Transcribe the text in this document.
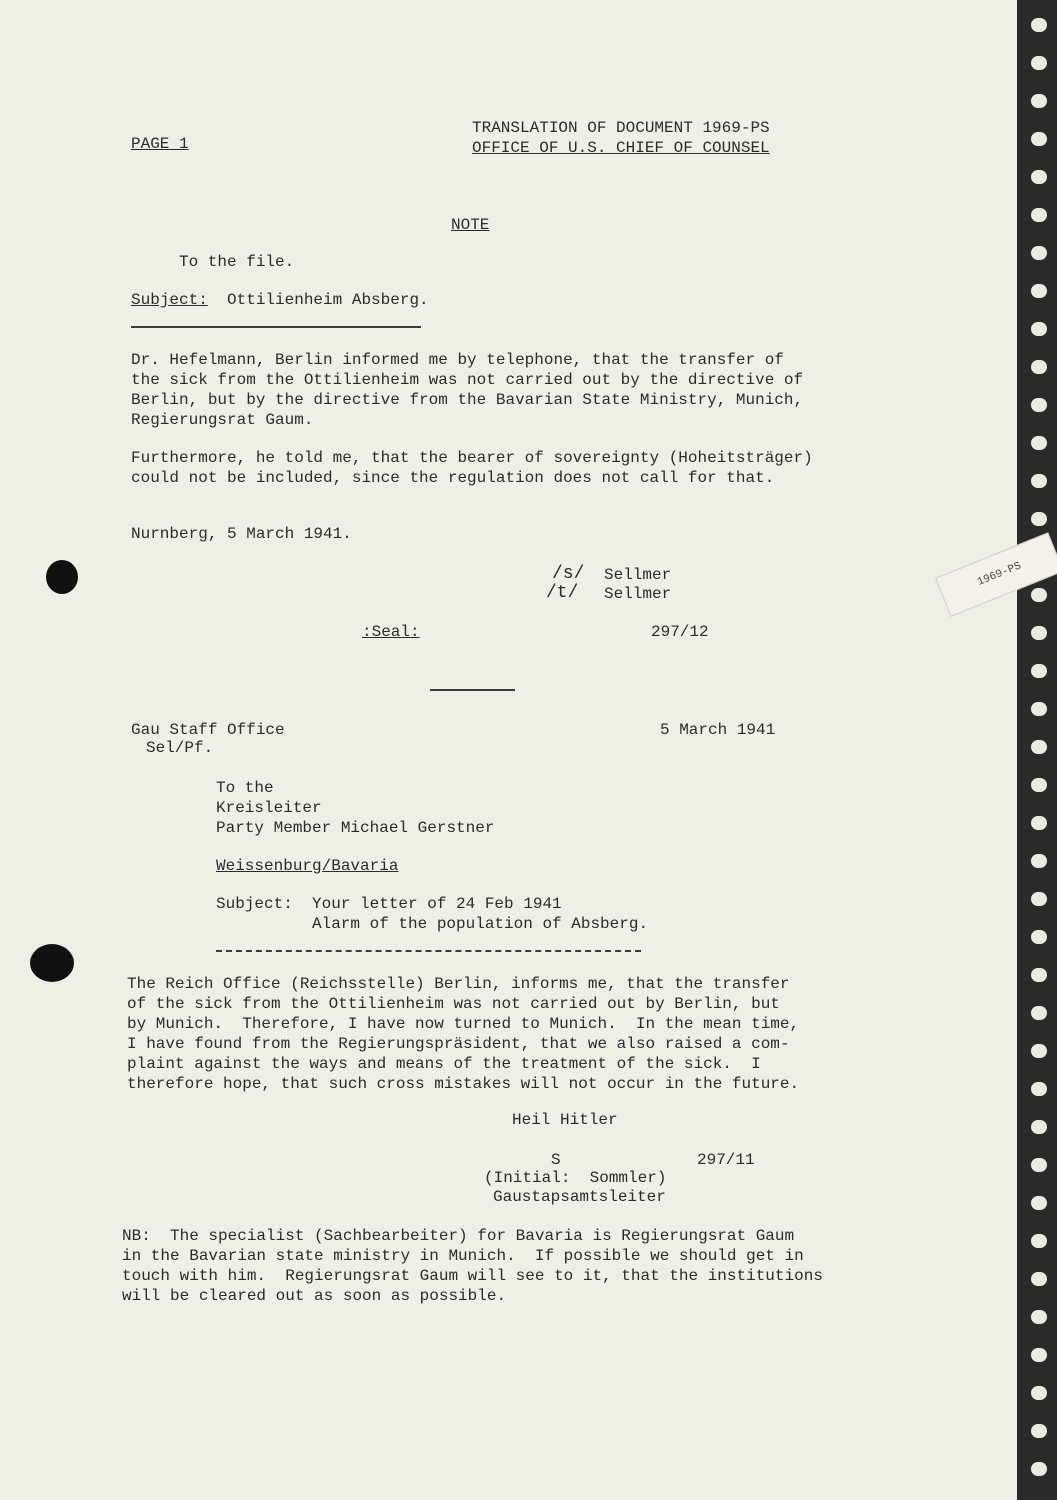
PAGE 1
TRANSLATION OF DOCUMENT 1969-PS
OFFICE OF U.S. CHIEF OF COUNSEL
NOTE
To the file.
Subject: Ottilienheim Absberg.
Dr. Hefelmann, Berlin informed me by telephone, that the transfer of
the sick from the Ottilienheim was not carried out by the directive of
Berlin, but by the directive from the Bavarian State Ministry, Munich,
Regierungsrat Gaum.
Furthermore, he told me, that the bearer of sovereignty (Hoheitsträger)
could not be included, since the regulation does not call for that.
Nurnberg, 5 March 1941.
/s/ Sellmer
/t/ Sellmer
:Seal:	297/12
Gau Staff Office
Sel/Pf.
5 March 1941
To the
Kreisleiter
Party Member Michael Gerstner
Weissenburg/Bavaria
Subject: Your letter of 24 Feb 1941
Alarm of the population of Absberg.
The Reich Office (Reichsstelle) Berlin, informs me, that the transfer
of the sick from the Ottilienheim was not carried out by Berlin, but
by Munich.  Therefore, I have now turned to Munich.  In the mean time,
I have found from the Regierungspräsident, that we also raised a com-
plaint against the ways and means of the treatment of the sick.  I
therefore hope, that such cross mistakes will not occur in the future.
Heil Hitler
S	297/11
(Initial:  Sommler)
Gaustapsamtsleiter
NB:  The specialist (Sachbearbeiter) for Bavaria is Regierungsrat Gaum
in the Bavarian state ministry in Munich.  If possible we should get in
touch with him.  Regierungsrat Gaum will see to it, that the institutions
will be cleared out as soon as possible.
1969-PS
